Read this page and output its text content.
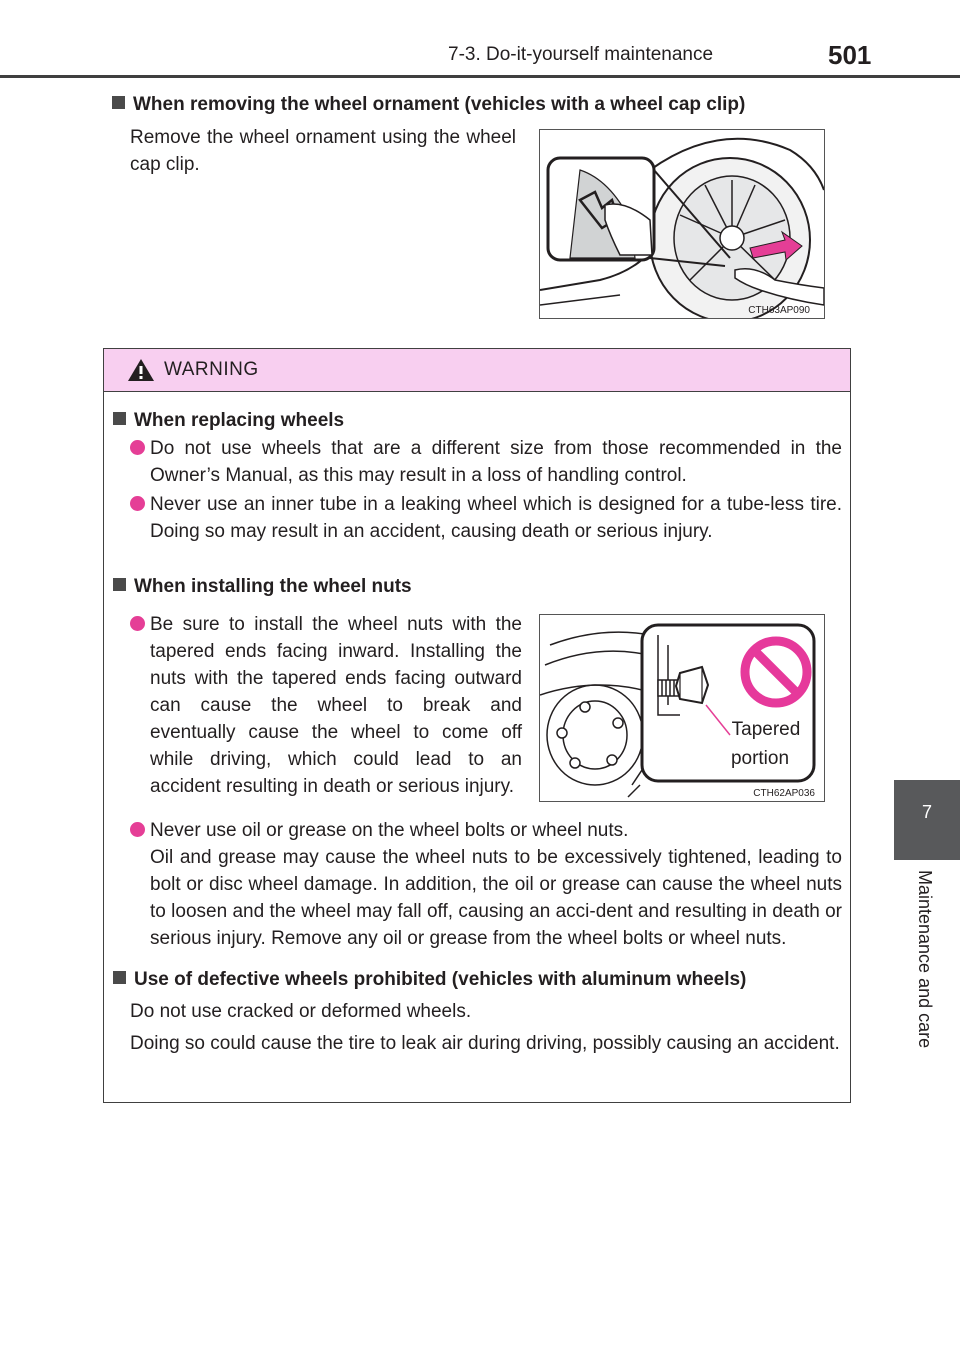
7-3. Do-it-yourself maintenance	501
7
Maintenance and care
When removing the wheel ornament (vehicles with a wheel cap clip)
Remove the wheel ornament using the wheel cap clip.
CTH63AP090
WARNING
When replacing wheels
Do not use wheels that are a different size from those recommended in the Owner’s Manual, as this may result in a loss of handling control.
Never use an inner tube in a leaking wheel which is designed for a tube-less tire. Doing so may result in an accident, causing death or serious injury.
When installing the wheel nuts
Be sure to install the wheel nuts with the tapered ends facing inward. Installing the nuts with the tapered ends facing outward can cause the wheel to break and eventually cause the wheel to come off while driving, which could lead to an accident resulting in death or serious injury.
Never use oil or grease on the wheel bolts or wheel nuts.
Oil and grease may cause the wheel nuts to be excessively tightened, leading to bolt or disc wheel damage. In addition, the oil or grease can cause the wheel nuts to loosen and the wheel may fall off, causing an acci-dent and resulting in death or serious injury. Remove any oil or grease from the wheel bolts or wheel nuts.
Use of defective wheels prohibited (vehicles with aluminum wheels)
Do not use cracked or deformed wheels.
Doing so could cause the tire to leak air during driving, possibly causing an accident.
Tapered
portion
CTH62AP036
